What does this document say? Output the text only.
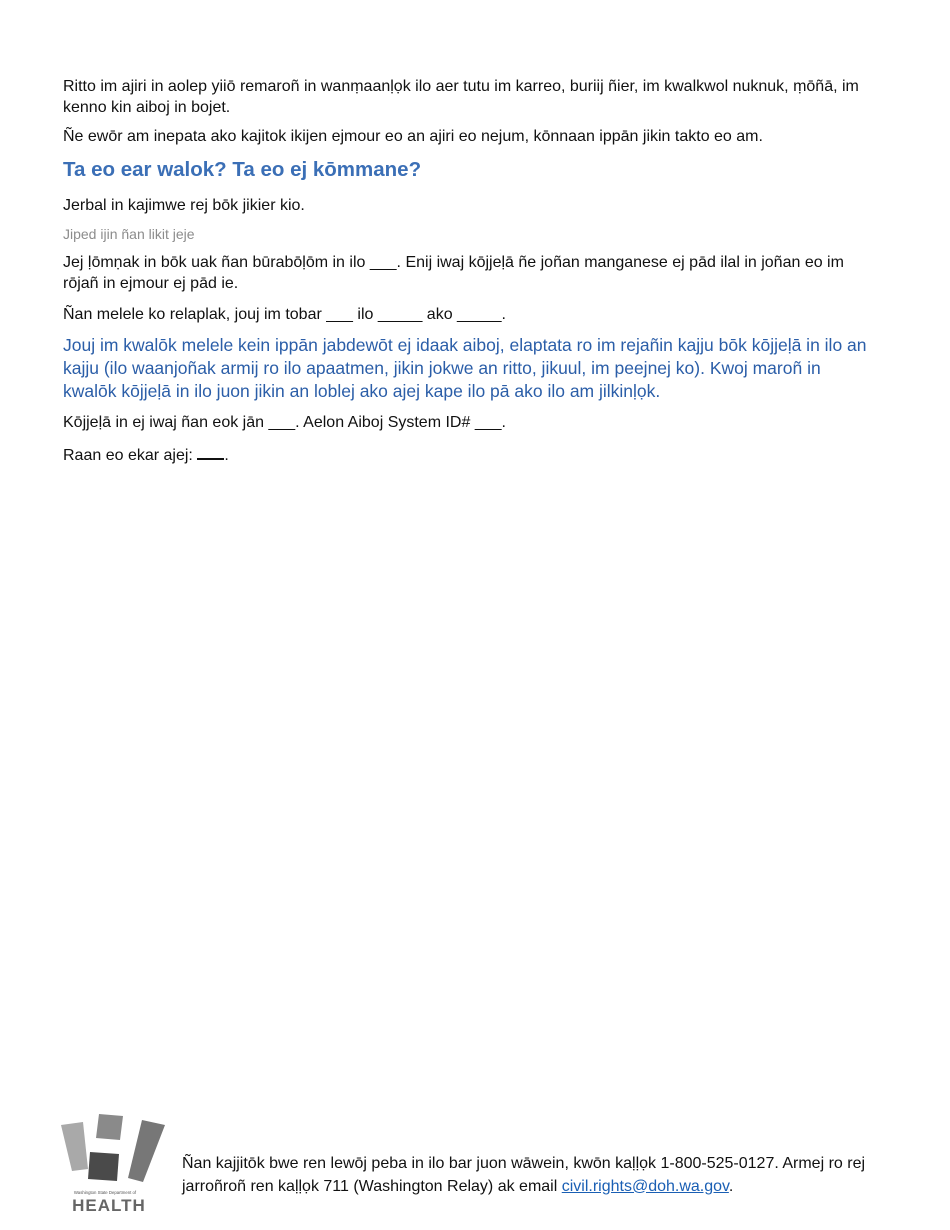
Ritto im ajiri in aolep yiiō remaroñ in wanṃaanḷọk ilo aer tutu im karreo, buriij ñier, im kwalkwol nuknuk, ṃōñā, im kenno kin aiboj in bojet.

Ñe ewōr am inepata ako kajitok ikijen ejmour eo an ajiri eo nejum, kōnnaan ippān jikin takto eo am.

Ta eo ear walok? Ta eo ej kōmmane?

Jerbal in kajimwe rej bōk jikier kio.

Jiped ijin ñan likit jeje

Jej ḷōmṇak in bōk uak ñan būrabōḷōm in ilo ___. Enij iwaj kōjjeḷā ñe joñan manganese ej pād ilal in joñan eo im rōjañ in ejmour ej pād ie.

Ñan melele ko relaplak, jouj im tobar ___ ilo _____ ako _____.

Jouj im kwalōk melele kein ippān jabdewōt ej idaak aiboj, elaptata ro im rejañin kajju bōk kōjjeḷā in ilo an kajju (ilo waanjoñak armij ro ilo apaatmen, jikin jokwe an ritto, jikuul, im peejnej ko). Kwoj maroñ in kwalōk kōjjeḷā in ilo juon jikin an loblej ako ajej kape ilo pā ako ilo am jilkinḷọk.

Kōjjeḷā in ej iwaj ñan eok jān ___. Aelon Aiboj System ID# ___.

Raan eo ekar ajej: .

Washington State Department of
HEALTH
Ñan kajjitōk bwe ren lewōj peba in ilo bar juon wāwein, kwōn kaḷḷọk 1-800-525-0127. Armej ro rej jarroñroñ ren kaḷḷọk 711 (Washington Relay) ak email civil.rights@doh.wa.gov.
